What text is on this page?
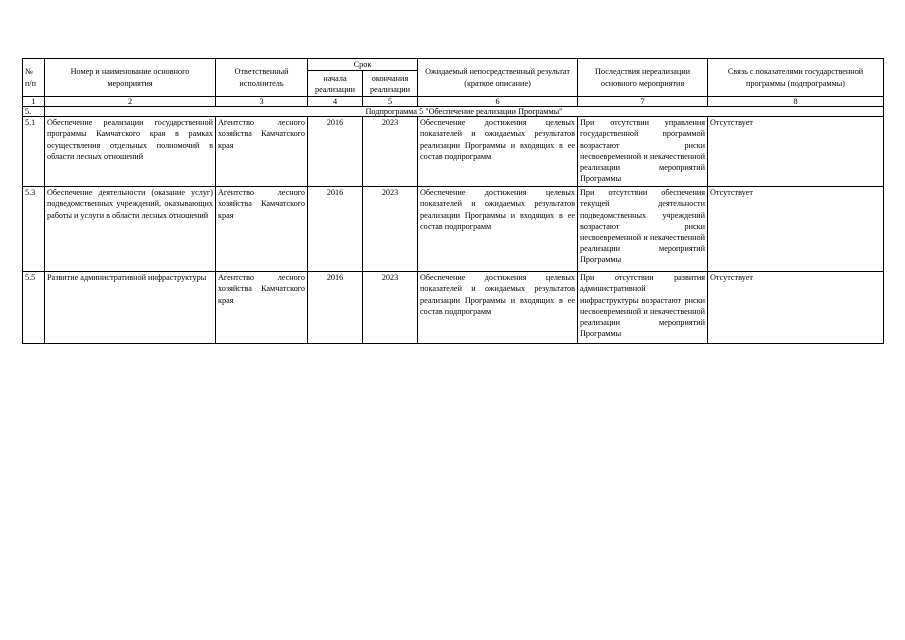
№
п/п	Номер и наименование основного мероприятия	Ответственный исполнитель	Срок		Ожидаемый непосредственный результат (краткое описание)	Последствия нереализации основного мероприятия	Связь с показателями государственной программы (подпрограммы)
			начала реализации	окончания реализации			
1	2	3	4	5	6	7	8
5.	Подпрограмма 5 "Обеспечение реализации Программы"						
5.1	Обеспечение реализации государственной программы Камчатского края в рамках осуществления отдельных полномочий в области лесных отношений	Агентство лесного хозяйства Камчатского края	2016	2023	Обеспечение достижения целевых показателей и ожидаемых результатов реализации Программы и входящих в ее состав подпрограмм	При отсутствии управления государственной программой возрастают риски несвоевременной и некачественной реализации мероприятий Программы	Отсутствует
5.3	Обеспечение деятельности (оказание услуг) подведомственных учреждений, оказывающих работы и услуги в области лесных отношений	Агентство лесного хозяйства Камчатского края	2016	2023	Обеспечение достижения целевых показателей и ожидаемых результатов реализации Программы и входящих в ее состав подпрограмм	При отсутствии обеспечения текущей деятельности подведомственных учреждений возрастают риски несвоевременной и некачественной реализации мероприятий Программы	Отсутствует
5.5	Развитие административной инфраструктуры	Агентство лесного хозяйства Камчатского края	2016	2023	Обеспечение достижения целевых показателей и ожидаемых результатов реализации Программы и входящих в ее состав подпрограмм	При отсутствии развития административной инфраструктуры возрастают риски несвоевременной и некачественной реализации мероприятий Программы	Отсутствует
